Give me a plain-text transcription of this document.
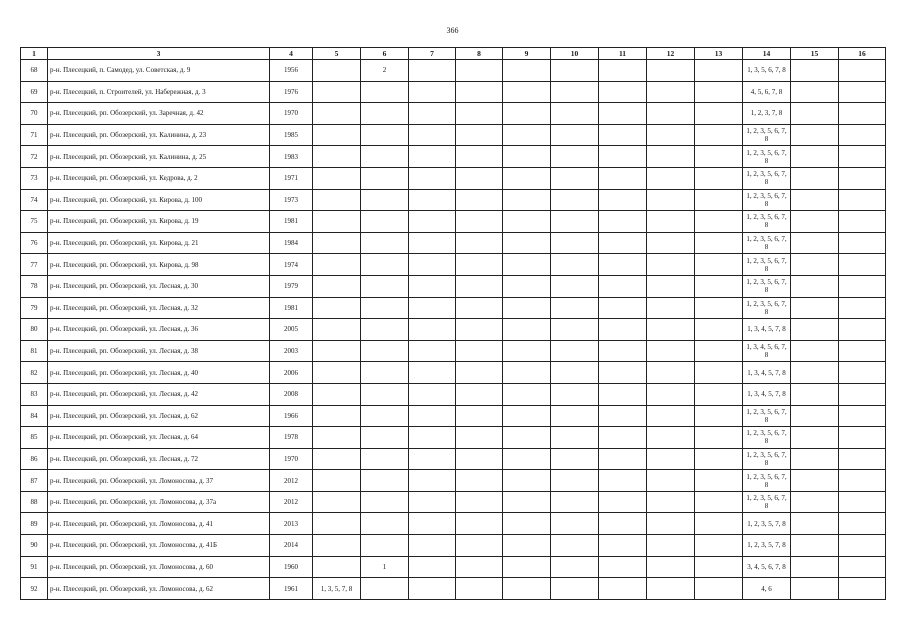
366
1	3	4	5	6	7	8	9	10	11	12	13	14	15	16
68	р-н. Плесецкий, п. Самодед, ул. Советская, д. 9	1956		2								1, 3, 5, 6, 7, 8		
69	р-н. Плесецкий, п. Строителей, ул. Набережная, д. 3	1976										4, 5, 6, 7, 8		
70	р-н. Плесецкий, рп. Обозерский, ул. Заречная, д. 42	1970										1, 2, 3, 7, 8		
71	р-н. Плесецкий, рп. Обозерский, ул. Калинина, д. 23	1985										1, 2, 3, 5, 6, 7, 8		
72	р-н. Плесецкий, рп. Обозерский, ул. Калинина, д. 25	1983										1, 2, 3, 5, 6, 7, 8		
73	р-н. Плесецкий, рп. Обозерский, ул. Кедрова, д. 2	1971										1, 2, 3, 5, 6, 7, 8		
74	р-н. Плесецкий, рп. Обозерский, ул. Кирова, д. 100	1973										1, 2, 3, 5, 6, 7, 8		
75	р-н. Плесецкий, рп. Обозерский, ул. Кирова, д. 19	1981										1, 2, 3, 5, 6, 7, 8		
76	р-н. Плесецкий, рп. Обозерский, ул. Кирова, д. 21	1984										1, 2, 3, 5, 6, 7, 8		
77	р-н. Плесецкий, рп. Обозерский, ул. Кирова, д. 98	1974										1, 2, 3, 5, 6, 7, 8		
78	р-н. Плесецкий, рп. Обозерский, ул. Лесная, д. 30	1979										1, 2, 3, 5, 6, 7, 8		
79	р-н. Плесецкий, рп. Обозерский, ул. Лесная, д. 32	1981										1, 2, 3, 5, 6, 7, 8		
80	р-н. Плесецкий, рп. Обозерский, ул. Лесная, д. 36	2005										1, 3, 4, 5, 7, 8		
81	р-н. Плесецкий, рп. Обозерский, ул. Лесная, д. 38	2003										1, 3, 4, 5, 6, 7, 8		
82	р-н. Плесецкий, рп. Обозерский, ул. Лесная, д. 40	2006										1, 3, 4, 5, 7, 8		
83	р-н. Плесецкий, рп. Обозерский, ул. Лесная, д. 42	2008										1, 3, 4, 5, 7, 8		
84	р-н. Плесецкий, рп. Обозерский, ул. Лесная, д. 62	1966										1, 2, 3, 5, 6, 7, 8		
85	р-н. Плесецкий, рп. Обозерский, ул. Лесная, д. 64	1978										1, 2, 3, 5, 6, 7, 8		
86	р-н. Плесецкий, рп. Обозерский, ул. Лесная, д. 72	1970										1, 2, 3, 5, 6, 7, 8		
87	р-н. Плесецкий, рп. Обозерский, ул. Ломоносова, д. 37	2012										1, 2, 3, 5, 6, 7, 8		
88	р-н. Плесецкий, рп. Обозерский, ул. Ломоносова, д. 37а	2012										1, 2, 3, 5, 6, 7, 8		
89	р-н. Плесецкий, рп. Обозерский, ул. Ломоносова, д. 41	2013										1, 2, 3, 5, 7, 8		
90	р-н. Плесецкий, рп. Обозерский, ул. Ломоносова, д. 41Б	2014										1, 2, 3, 5, 7, 8		
91	р-н. Плесецкий, рп. Обозерский, ул. Ломоносова, д. 60	1960		1								3, 4, 5, 6, 7, 8		
92	р-н. Плесецкий, рп. Обозерский, ул. Ломоносова, д. 62	1961	1, 3, 5, 7, 8									4, 6		
